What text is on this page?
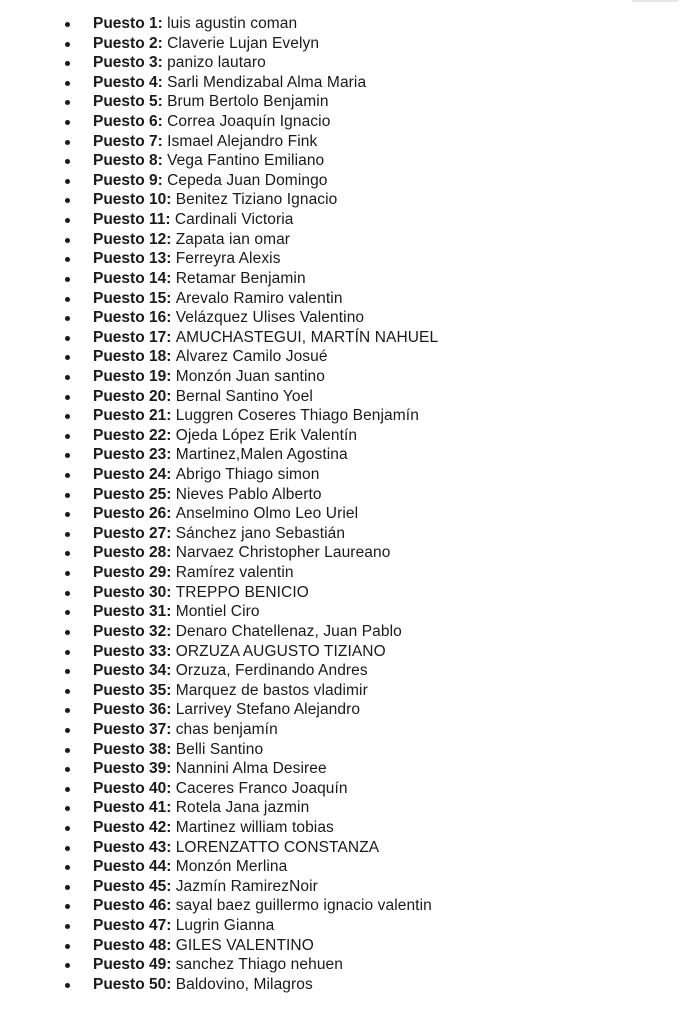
Puesto 1: luis agustin coman
Puesto 2: Claverie Lujan Evelyn
Puesto 3: panizo lautaro
Puesto 4: Sarli Mendizabal Alma Maria
Puesto 5: Brum Bertolo Benjamin
Puesto 6: Correa Joaquín Ignacio
Puesto 7: Ismael Alejandro Fink
Puesto 8: Vega Fantino Emiliano
Puesto 9: Cepeda Juan Domingo
Puesto 10: Benitez Tiziano Ignacio
Puesto 11: Cardinali Victoria
Puesto 12: Zapata ian omar
Puesto 13: Ferreyra Alexis
Puesto 14: Retamar Benjamin
Puesto 15: Arevalo Ramiro valentin
Puesto 16: Velázquez Ulises Valentino
Puesto 17: AMUCHASTEGUI, MARTÍN NAHUEL
Puesto 18: Alvarez Camilo Josué
Puesto 19: Monzón Juan santino
Puesto 20: Bernal Santino Yoel
Puesto 21: Luggren Coseres Thiago Benjamín
Puesto 22: Ojeda López Erik Valentín
Puesto 23: Martinez,Malen Agostina
Puesto 24: Abrigo Thiago simon
Puesto 25: Nieves Pablo Alberto
Puesto 26: Anselmino Olmo Leo Uriel
Puesto 27: Sánchez jano Sebastián
Puesto 28: Narvaez Christopher Laureano
Puesto 29: Ramírez valentin
Puesto 30: TREPPO BENICIO
Puesto 31: Montiel Ciro
Puesto 32: Denaro Chatellenaz, Juan Pablo
Puesto 33: ORZUZA AUGUSTO TIZIANO
Puesto 34: Orzuza, Ferdinando Andres
Puesto 35: Marquez de bastos vladimir
Puesto 36: Larrivey Stefano Alejandro
Puesto 37: chas benjamín
Puesto 38: Belli Santino
Puesto 39: Nannini Alma Desiree
Puesto 40: Caceres Franco Joaquín
Puesto 41: Rotela Jana jazmin
Puesto 42: Martinez william tobias
Puesto 43: LORENZATTO CONSTANZA
Puesto 44: Monzón Merlina
Puesto 45: Jazmín RamirezNoir
Puesto 46: sayal baez guillermo ignacio valentin
Puesto 47: Lugrin Gianna
Puesto 48: GILES VALENTINO
Puesto 49: sanchez Thiago nehuen
Puesto 50: Baldovino, Milagros
